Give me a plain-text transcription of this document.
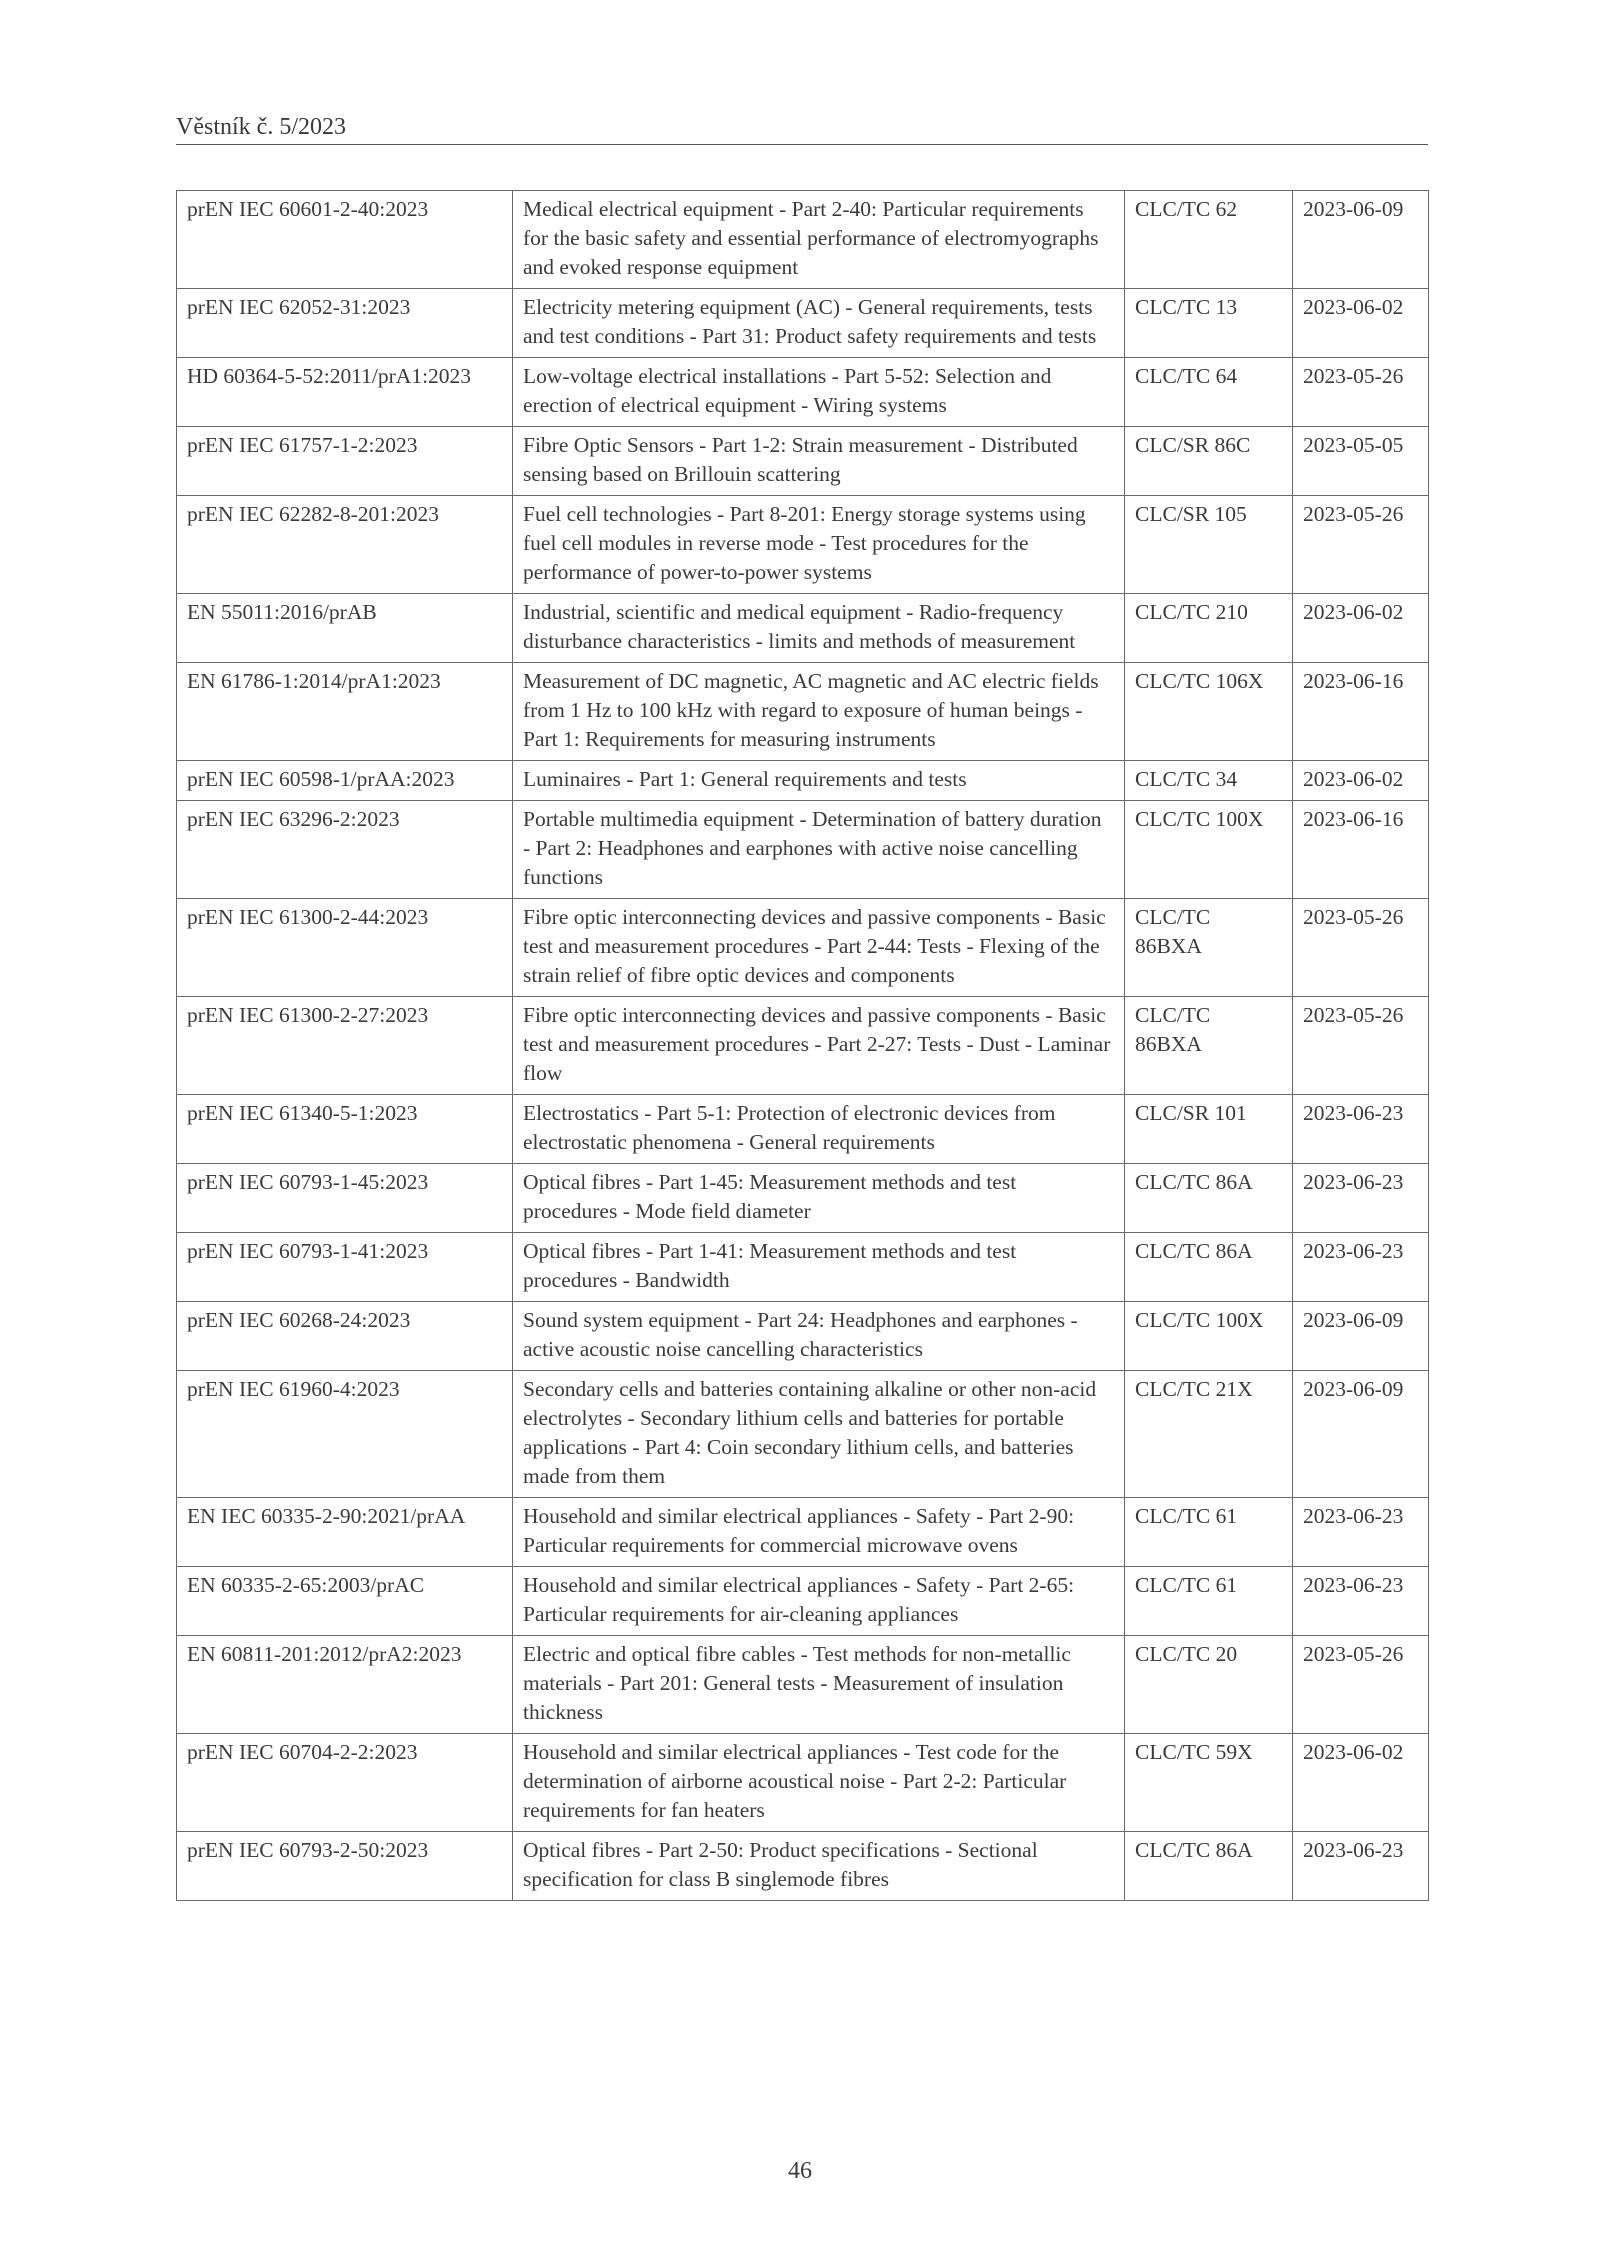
Věstník č. 5/2023
prEN IEC 60601-2-40:2023	Medical electrical equipment - Part 2-40: Particular requirements for the basic safety and essential performance of electromyographs and evoked response equipment	CLC/TC 62	2023-06-09
prEN IEC 62052-31:2023	Electricity metering equipment (AC) - General requirements, tests and test conditions - Part 31: Product safety requirements and tests	CLC/TC 13	2023-06-02
HD 60364-5-52:2011/prA1:2023	Low-voltage electrical installations - Part 5-52: Selection and erection of electrical equipment - Wiring systems	CLC/TC 64	2023-05-26
prEN IEC 61757-1-2:2023	Fibre Optic Sensors - Part 1-2: Strain measurement - Distributed sensing based on Brillouin scattering	CLC/SR 86C	2023-05-05
prEN IEC 62282-8-201:2023	Fuel cell technologies - Part 8-201: Energy storage systems using fuel cell modules in reverse mode - Test procedures for the performance of power-to-power systems	CLC/SR 105	2023-05-26
EN 55011:2016/prAB	Industrial, scientific and medical equipment - Radio-frequency disturbance characteristics - limits and methods of measurement	CLC/TC 210	2023-06-02
EN 61786-1:2014/prA1:2023	Measurement of DC magnetic, AC magnetic and AC electric fields from 1 Hz to 100 kHz with regard to exposure of human beings - Part 1: Requirements for measuring instruments	CLC/TC 106X	2023-06-16
prEN IEC 60598-1/prAA:2023	Luminaires - Part 1: General requirements and tests	CLC/TC 34	2023-06-02
prEN IEC 63296-2:2023	Portable multimedia equipment - Determination of battery duration - Part 2: Headphones and earphones with active noise cancelling functions	CLC/TC 100X	2023-06-16
prEN IEC 61300-2-44:2023	Fibre optic interconnecting devices and passive components - Basic test and measurement procedures - Part 2-44: Tests - Flexing of the strain relief of fibre optic devices and components	CLC/TC 86BXA	2023-05-26
prEN IEC 61300-2-27:2023	Fibre optic interconnecting devices and passive components - Basic test and measurement procedures - Part 2-27: Tests - Dust - Laminar flow	CLC/TC 86BXA	2023-05-26
prEN IEC 61340-5-1:2023	Electrostatics - Part 5-1: Protection of electronic devices from electrostatic phenomena - General requirements	CLC/SR 101	2023-06-23
prEN IEC 60793-1-45:2023	Optical fibres - Part 1-45: Measurement methods and test procedures - Mode field diameter	CLC/TC 86A	2023-06-23
prEN IEC 60793-1-41:2023	Optical fibres - Part 1-41: Measurement methods and test procedures - Bandwidth	CLC/TC 86A	2023-06-23
prEN IEC 60268-24:2023	Sound system equipment - Part 24: Headphones and earphones - active acoustic noise cancelling characteristics	CLC/TC 100X	2023-06-09
prEN IEC 61960-4:2023	Secondary cells and batteries containing alkaline or other non-acid electrolytes - Secondary lithium cells and batteries for portable applications - Part 4: Coin secondary lithium cells, and batteries made from them	CLC/TC 21X	2023-06-09
EN IEC 60335-2-90:2021/prAA	Household and similar electrical appliances - Safety - Part 2-90: Particular requirements for commercial microwave ovens	CLC/TC 61	2023-06-23
EN 60335-2-65:2003/prAC	Household and similar electrical appliances - Safety - Part 2-65: Particular requirements for air-cleaning appliances	CLC/TC 61	2023-06-23
EN 60811-201:2012/prA2:2023	Electric and optical fibre cables - Test methods for non-metallic materials - Part 201: General tests - Measurement of insulation thickness	CLC/TC 20	2023-05-26
prEN IEC 60704-2-2:2023	Household and similar electrical appliances - Test code for the determination of airborne acoustical noise - Part 2-2: Particular requirements for fan heaters	CLC/TC 59X	2023-06-02
prEN IEC 60793-2-50:2023	Optical fibres - Part 2-50: Product specifications - Sectional specification for class B singlemode fibres	CLC/TC 86A	2023-06-23
46
